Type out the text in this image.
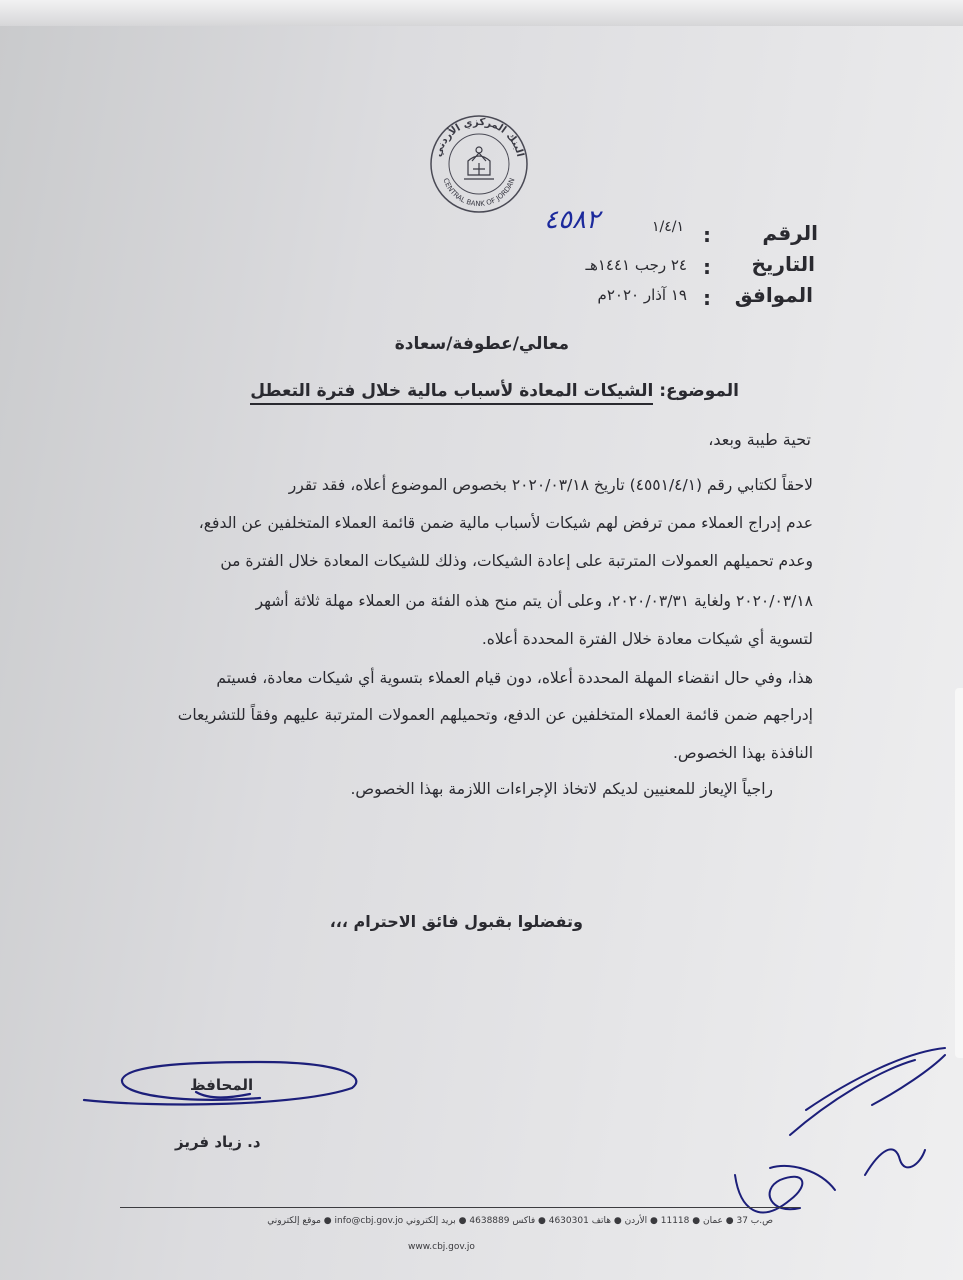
البنك المركزي الأردني
CENTRAL BANK OF JORDAN
الرقم
:
١/٤/١
٤٥٨٢
التاريخ
:
٢٤ رجب ١٤٤١هـ
الموافق
:
١٩ آذار ٢٠٢٠م
معالي/عطوفة/سعادة
الموضوع: الشيكات المعادة لأسباب مالية خلال فترة التعطل
تحية طيبة وبعد،
لاحقاً لكتابي رقم (٤٥٥١/٤/١) تاريخ ٢٠٢٠/٠٣/١٨ بخصوص الموضوع أعلاه، فقد تقرر
عدم إدراج العملاء ممن ترفض لهم شيكات لأسباب مالية ضمن قائمة العملاء المتخلفين عن الدفع،
وعدم تحميلهم العمولات المترتبة على إعادة الشيكات، وذلك للشيكات المعادة خلال الفترة من
٢٠٢٠/٠٣/١٨ ولغاية ٢٠٢٠/٠٣/٣١، وعلى أن يتم منح هذه الفئة من العملاء مهلة ثلاثة أشهر
لتسوية أي شيكات معادة خلال الفترة المحددة أعلاه.
هذا، وفي حال انقضاء المهلة المحددة أعلاه، دون قيام العملاء بتسوية أي شيكات معادة، فسيتم
إدراجهم ضمن قائمة العملاء المتخلفين عن الدفع، وتحميلهم العمولات المترتبة عليهم وفقاً للتشريعات
النافذة بهذا الخصوص.
راجياً الإيعاز للمعنيين لديكم لاتخاذ الإجراءات اللازمة بهذا الخصوص.
وتفضلوا بقبول فائق الاحترام ،،،
المحافظ
د. زياد فريز
ص.ب 37 ● عمان ● 11118 ● الأردن ● هاتف 4630301 ● فاكس 4638889 ● بريد إلكتروني info@cbj.gov.jo ● موقع إلكتروني
www.cbj.gov.jo
